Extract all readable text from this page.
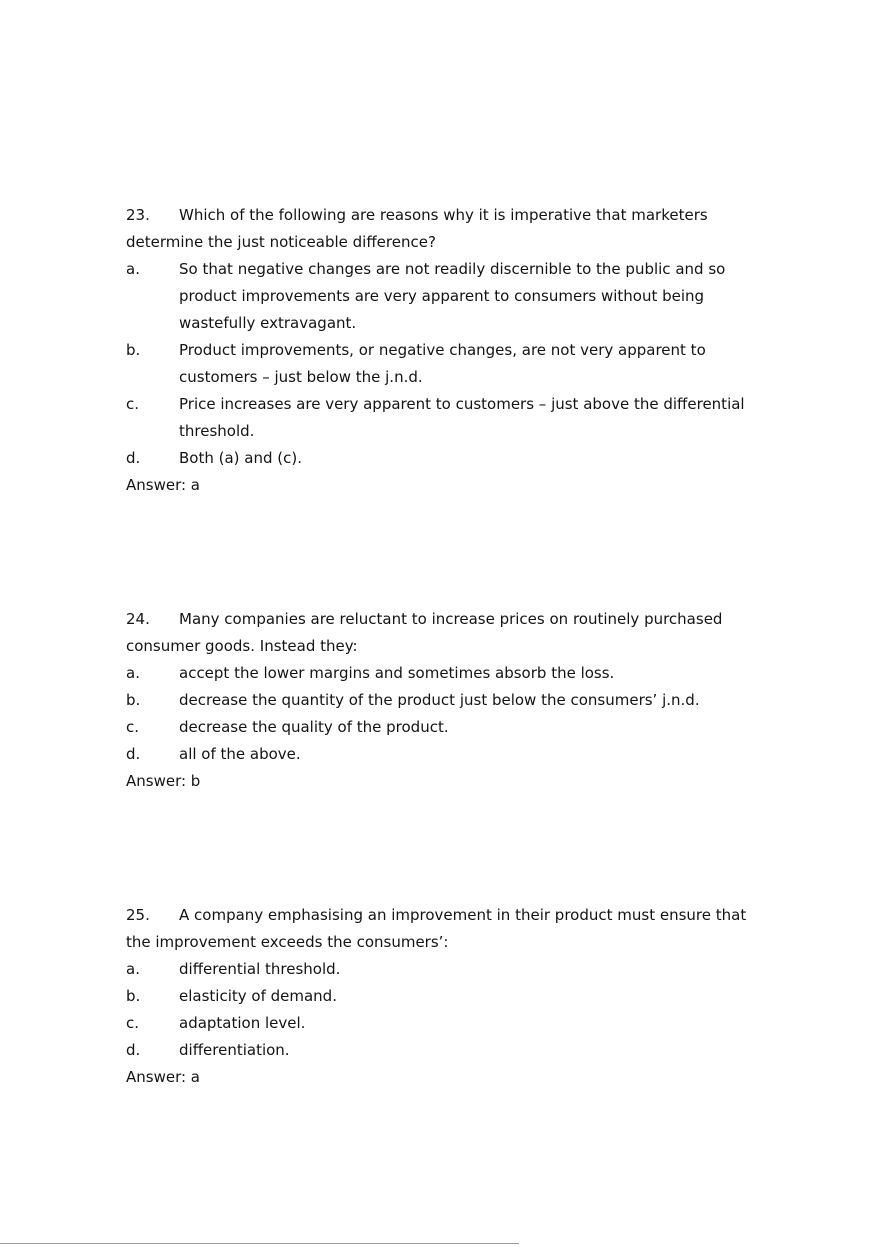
23. Which of the following are reasons why it is imperative that marketers determine the just noticeable difference?

a.	So that negative changes are not readily discernible to the public and so product improvements are very apparent to consumers without being wastefully extravagant.
b.	Product improvements, or negative changes, are not very apparent to customers – just below the j.n.d.
c.	Price increases are very apparent to customers – just above the differential threshold.
d.	Both (a) and (c).

Answer: a

24. Many companies are reluctant to increase prices on routinely purchased consumer goods. Instead they:

a.	accept the lower margins and sometimes absorb the loss.
b.	decrease the quantity of the product just below the consumers’ j.n.d.
c.	decrease the quality of the product.
d.	all of the above.

Answer: b

25. A company emphasising an improvement in their product must ensure that the improvement exceeds the consumers’:

a.	differential threshold.
b.	elasticity of demand.
c.	adaptation level.
d.	differentiation.

Answer: a
